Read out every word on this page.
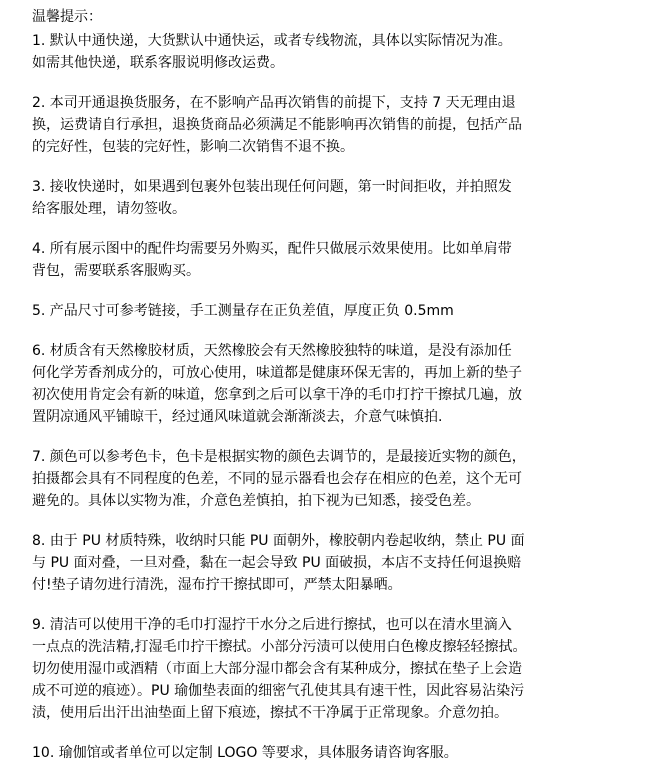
温馨提示：
1. 默认中通快递，大货默认中通快运，或者专线物流，具体以实际情况为准。
如需其他快递，联系客服说明修改运费。
2. 本司开通退换货服务，在不影响产品再次销售的前提下，支持 7 天无理由退
换，运费请自行承担，退换货商品必须满足不能影响再次销售的前提，包括产品
的完好性，包装的完好性，影响二次销售不退不换。
3. 接收快递时，如果遇到包裹外包装出现任何问题，第一时间拒收，并拍照发
给客服处理，请勿签收。
4. 所有展示图中的配件均需要另外购买，配件只做展示效果使用。比如单肩带
背包，需要联系客服购买。
5. 产品尺寸可参考链接，手工测量存在正负差值，厚度正负 0.5mm
6. 材质含有天然橡胶材质，天然橡胶会有天然橡胶独特的味道，是没有添加任
何化学芳香剂成分的，可放心使用，味道都是健康环保无害的，再加上新的垫子
初次使用肯定会有新的味道，您拿到之后可以拿干净的毛巾打拧干擦拭几遍，放
置阴凉通风平铺晾干，经过通风味道就会渐渐淡去，介意气味慎拍.
7. 颜色可以参考色卡，色卡是根据实物的颜色去调节的，是最接近实物的颜色，
拍摄都会具有不同程度的色差，不同的显示器看也会存在相应的色差，这个无可
避免的。具体以实物为准，介意色差慎拍，拍下视为已知悉，接受色差。
8. 由于 PU 材质特殊，收纳时只能 PU 面朝外，橡胶朝内卷起收纳，禁止 PU 面
与 PU 面对叠，一旦对叠，黏在一起会导致 PU 面破损，本店不支持任何退换赔
付!垫子请勿进行清洗，湿布拧干擦拭即可，严禁太阳暴晒。
9. 清洁可以使用干净的毛巾打湿拧干水分之后进行擦拭，也可以在清水里滴入
一点点的洗洁精,打湿毛巾拧干擦拭。小部分污渍可以使用白色橡皮擦轻轻擦拭。
切勿使用湿巾或酒精（市面上大部分湿巾都会含有某种成分，擦拭在垫子上会造
成不可逆的痕迹）。PU 瑜伽垫表面的细密气孔使其具有速干性，因此容易沾染污
渍，使用后出汗出油垫面上留下痕迹，擦拭不干净属于正常现象。介意勿拍。
10. 瑜伽馆或者单位可以定制 LOGO 等要求，具体服务请咨询客服。
